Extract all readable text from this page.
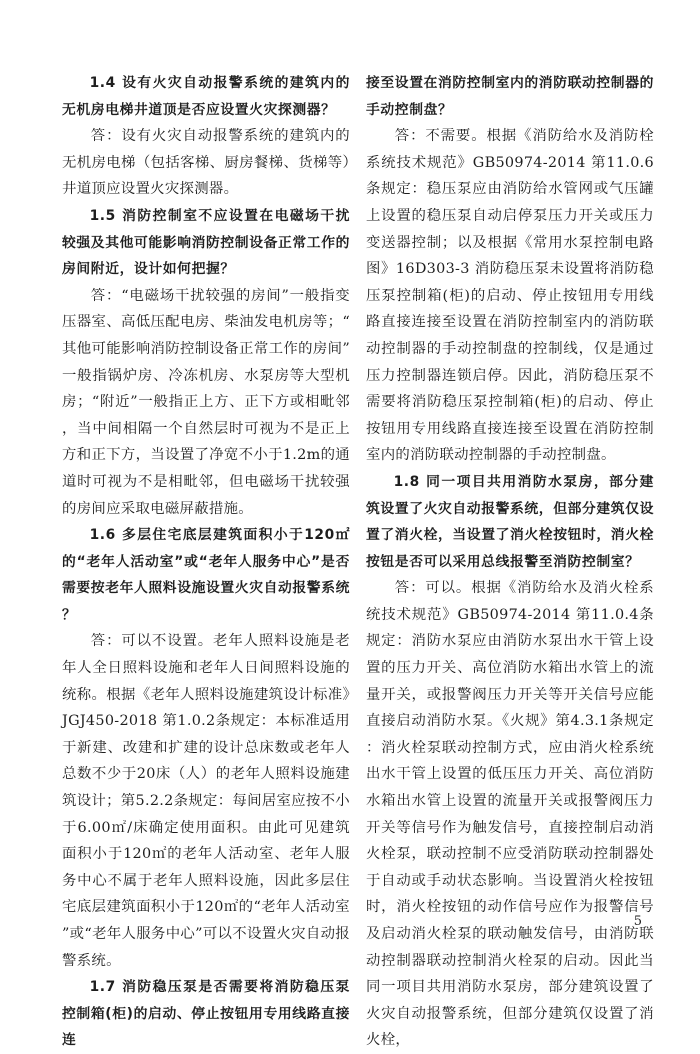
1.4 设有火灾自动报警系统的建筑内的无机房电梯井道顶是否应设置火灾探测器？

答：设有火灾自动报警系统的建筑内的无机房电梯（包括客梯、厨房餐梯、货梯等）井道顶应设置火灾探测器。

1.5 消防控制室不应设置在电磁场干扰较强及其他可能影响消防控制设备正常工作的房间附近，设计如何把握？

答：“电磁场干扰较强的房间”一般指变压器室、高低压配电房、柴油发电机房等；“其他可能影响消防控制设备正常工作的房间”一般指锅炉房、冷冻机房、水泵房等大型机房；“附近”一般指正上方、正下方或相毗邻，当中间相隔一个自然层时可视为不是正上方和正下方，当设置了净宽不小于1.2m的通道时可视为不是相毗邻，但电磁场干扰较强的房间应采取电磁屏蔽措施。

1.6 多层住宅底层建筑面积小于120㎡的“老年人活动室”或“老年人服务中心”是否需要按老年人照料设施设置火灾自动报警系统？

答：可以不设置。老年人照料设施是老年人全日照料设施和老年人日间照料设施的统称。根据《老年人照料设施建筑设计标准》JGJ450-2018 第1.0.2条规定：本标准适用于新建、改建和扩建的设计总床数或老年人总数不少于20床（人）的老年人照料设施建筑设计；第5.2.2条规定：每间居室应按不小于6.00㎡/床确定使用面积。由此可见建筑面积小于120㎡的老年人活动室、老年人服务中心不属于老年人照料设施，因此多层住宅底层建筑面积小于120㎡的“老年人活动室”或“老年人服务中心”可以不设置火灾自动报警系统。

1.7 消防稳压泵是否需要将消防稳压泵控制箱(柜)的启动、停止按钮用专用线路直接连

接至设置在消防控制室内的消防联动控制器的手动控制盘？

答：不需要。根据《消防给水及消防栓系统技术规范》GB50974-2014 第11.0.6条规定：稳压泵应由消防给水管网或气压罐上设置的稳压泵自动启停泵压力开关或压力变送器控制；以及根据《常用水泵控制电路图》16D303-3 消防稳压泵未设置将消防稳压泵控制箱(柜)的启动、停止按钮用专用线路直接连接至设置在消防控制室内的消防联动控制器的手动控制盘的控制线，仅是通过压力控制器连锁启停。因此，消防稳压泵不需要将消防稳压泵控制箱(柜)的启动、停止按钮用专用线路直接连接至设置在消防控制室内的消防联动控制器的手动控制盘。

1.8 同一项目共用消防水泵房，部分建筑设置了火灾自动报警系统，但部分建筑仅设置了消火栓，当设置了消火栓按钮时，消火栓按钮是否可以采用总线报警至消防控制室？

答：可以。根据《消防给水及消火栓系统技术规范》GB50974-2014 第11.0.4条规定：消防水泵应由消防水泵出水干管上设置的压力开关、高位消防水箱出水管上的流量开关，或报警阀压力开关等开关信号应能直接启动消防水泵。《火规》第4.3.1条规定：消火栓泵联动控制方式，应由消火栓系统出水干管上设置的低压压力开关、高位消防水箱出水管上设置的流量开关或报警阀压力开关等信号作为触发信号，直接控制启动消火栓泵，联动控制不应受消防联动控制器处于自动或手动状态影响。当设置消火栓按钮时，消火栓按钮的动作信号应作为报警信号及启动消火栓泵的联动触发信号，由消防联动控制器联动控制消火栓泵的启动。因此当同一项目共用消防水泵房，部分建筑设置了火灾自动报警系统，但部分建筑仅设置了消火栓，

5
